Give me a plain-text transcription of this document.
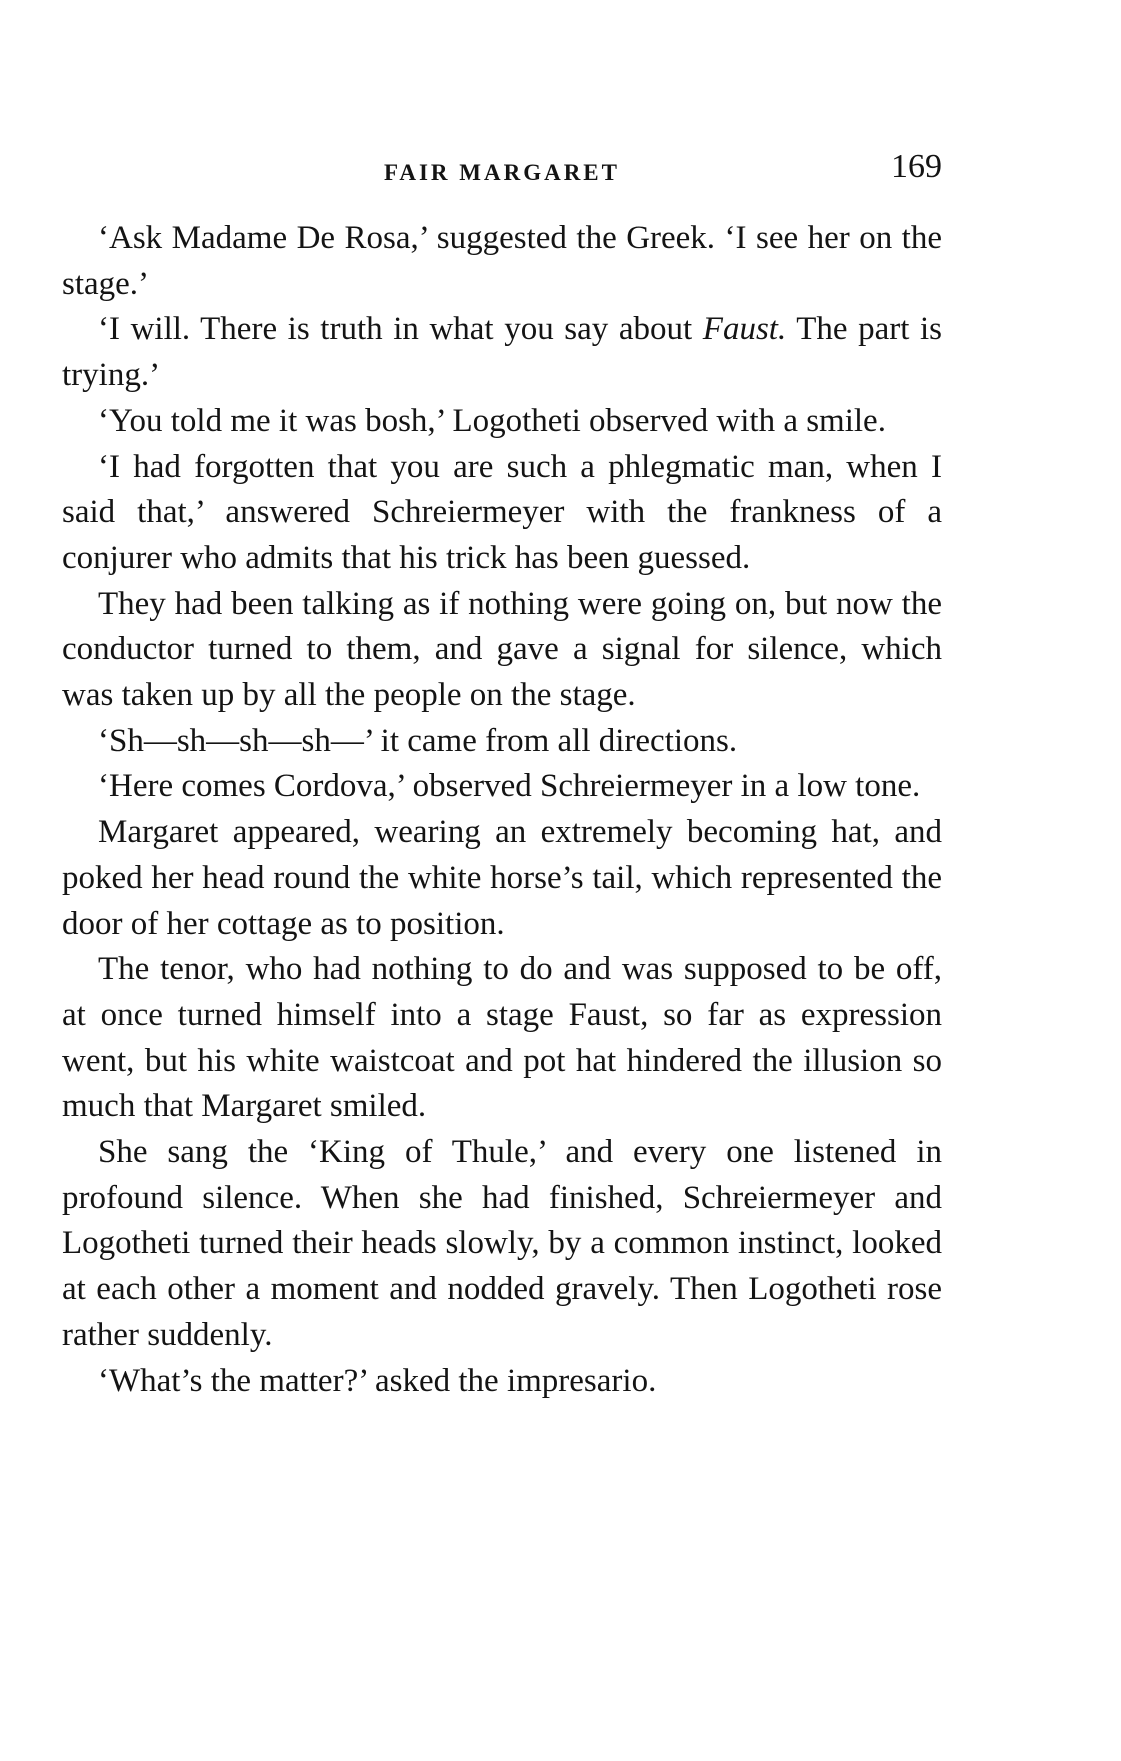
FAIR MARGARET	169

‘Ask Madame De Rosa,’ suggested the Greek. ‘I see her on the stage.’

‘I will. There is truth in what you say about Faust. The part is trying.’

‘You told me it was bosh,’ Logotheti observed with a smile.

‘I had forgotten that you are such a phlegmatic man, when I said that,’ answered Schreiermeyer with the frankness of a conjurer who admits that his trick has been guessed.

They had been talking as if nothing were going on, but now the conductor turned to them, and gave a signal for silence, which was taken up by all the people on the stage.

‘Sh—sh—sh—sh—’ it came from all directions.

‘Here comes Cordova,’ observed Schreiermeyer in a low tone.

Margaret appeared, wearing an extremely becoming hat, and poked her head round the white horse’s tail, which represented the door of her cottage as to position.

The tenor, who had nothing to do and was supposed to be off, at once turned himself into a stage Faust, so far as expression went, but his white waistcoat and pot hat hindered the illusion so much that Margaret smiled.

She sang the ‘King of Thule,’ and every one listened in profound silence. When she had finished, Schreiermeyer and Logotheti turned their heads slowly, by a common instinct, looked at each other a moment and nodded gravely. Then Logotheti rose rather suddenly.

‘What’s the matter?’ asked the impresario.
